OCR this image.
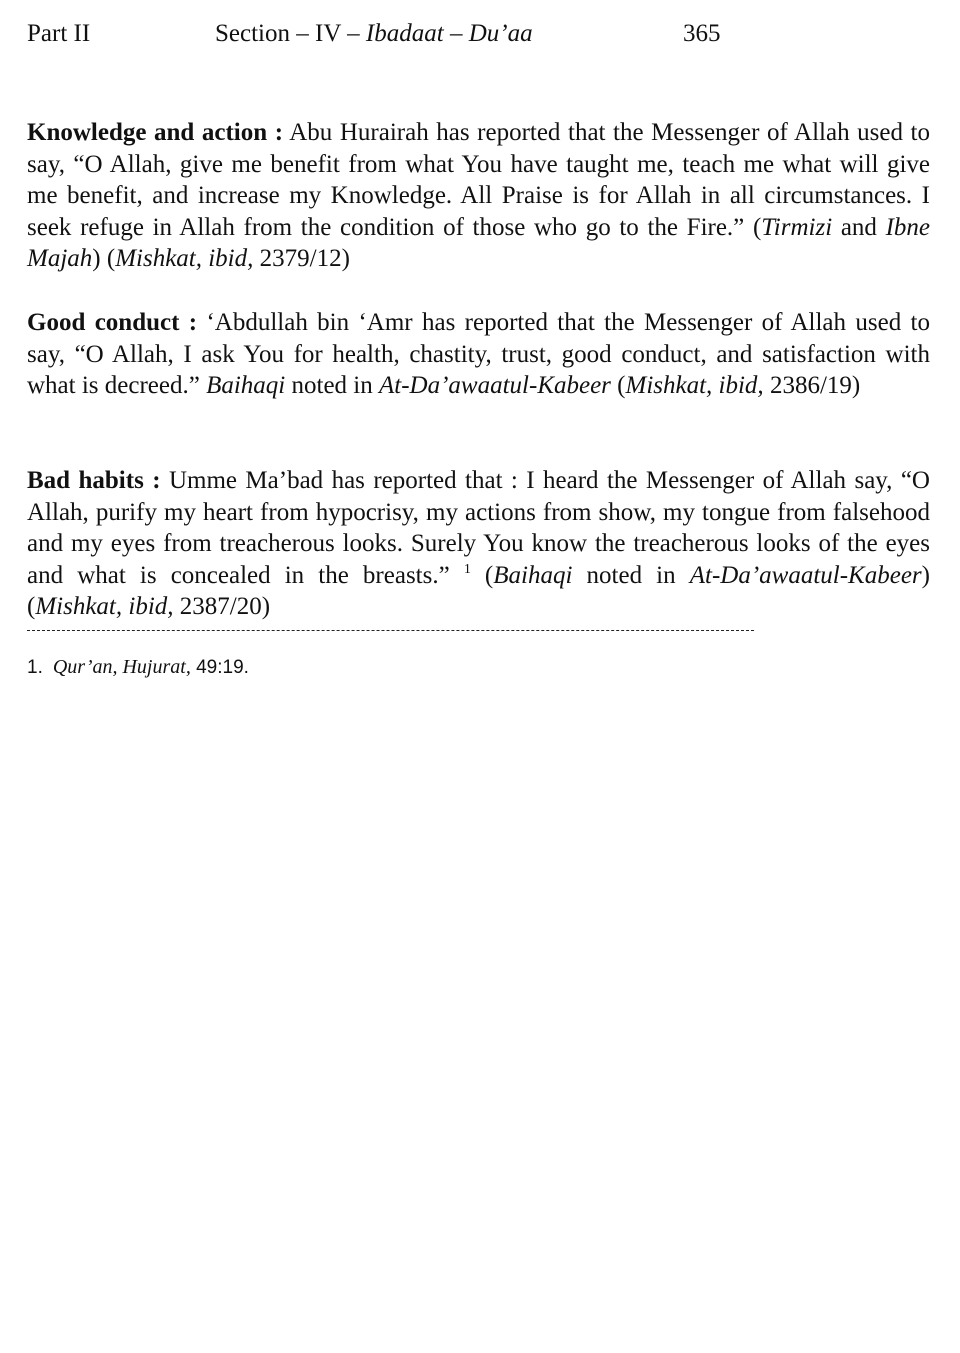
Part II	Section – IV – Ibadaat – Du’aa	365

Knowledge and action : Abu Hurairah has reported that the Messenger of Allah used to say, “O Allah, give me benefit from what You have taught me, teach me what will give me benefit, and increase my Knowledge. All Praise is for Allah in all circumstances. I seek refuge in Allah from the condition of those who go to the Fire.” (Tirmizi and Ibne Majah) (Mishkat, ibid, 2379/12)

Good conduct : ‘Abdullah bin ‘Amr has reported that the Messenger of Allah used to say, “O Allah, I ask You for health, chastity, trust, good conduct, and satisfaction with what is decreed.” Baihaqi noted in At-Da’awaatul-Kabeer (Mishkat, ibid, 2386/19)

Bad habits : Umme Ma’bad has reported that : I heard the Messenger of Allah say, “O Allah, purify my heart from hypocrisy, my actions from show, my tongue from falsehood and my eyes from treacherous looks. Surely You know the treacherous looks of the eyes and what is concealed in the breasts.” $^1$ (Baihaqi noted in At-Da’awaatul-Kabeer) (Mishkat, ibid, 2387/20)

1. Qur’an, Hujurat, 49:19.
